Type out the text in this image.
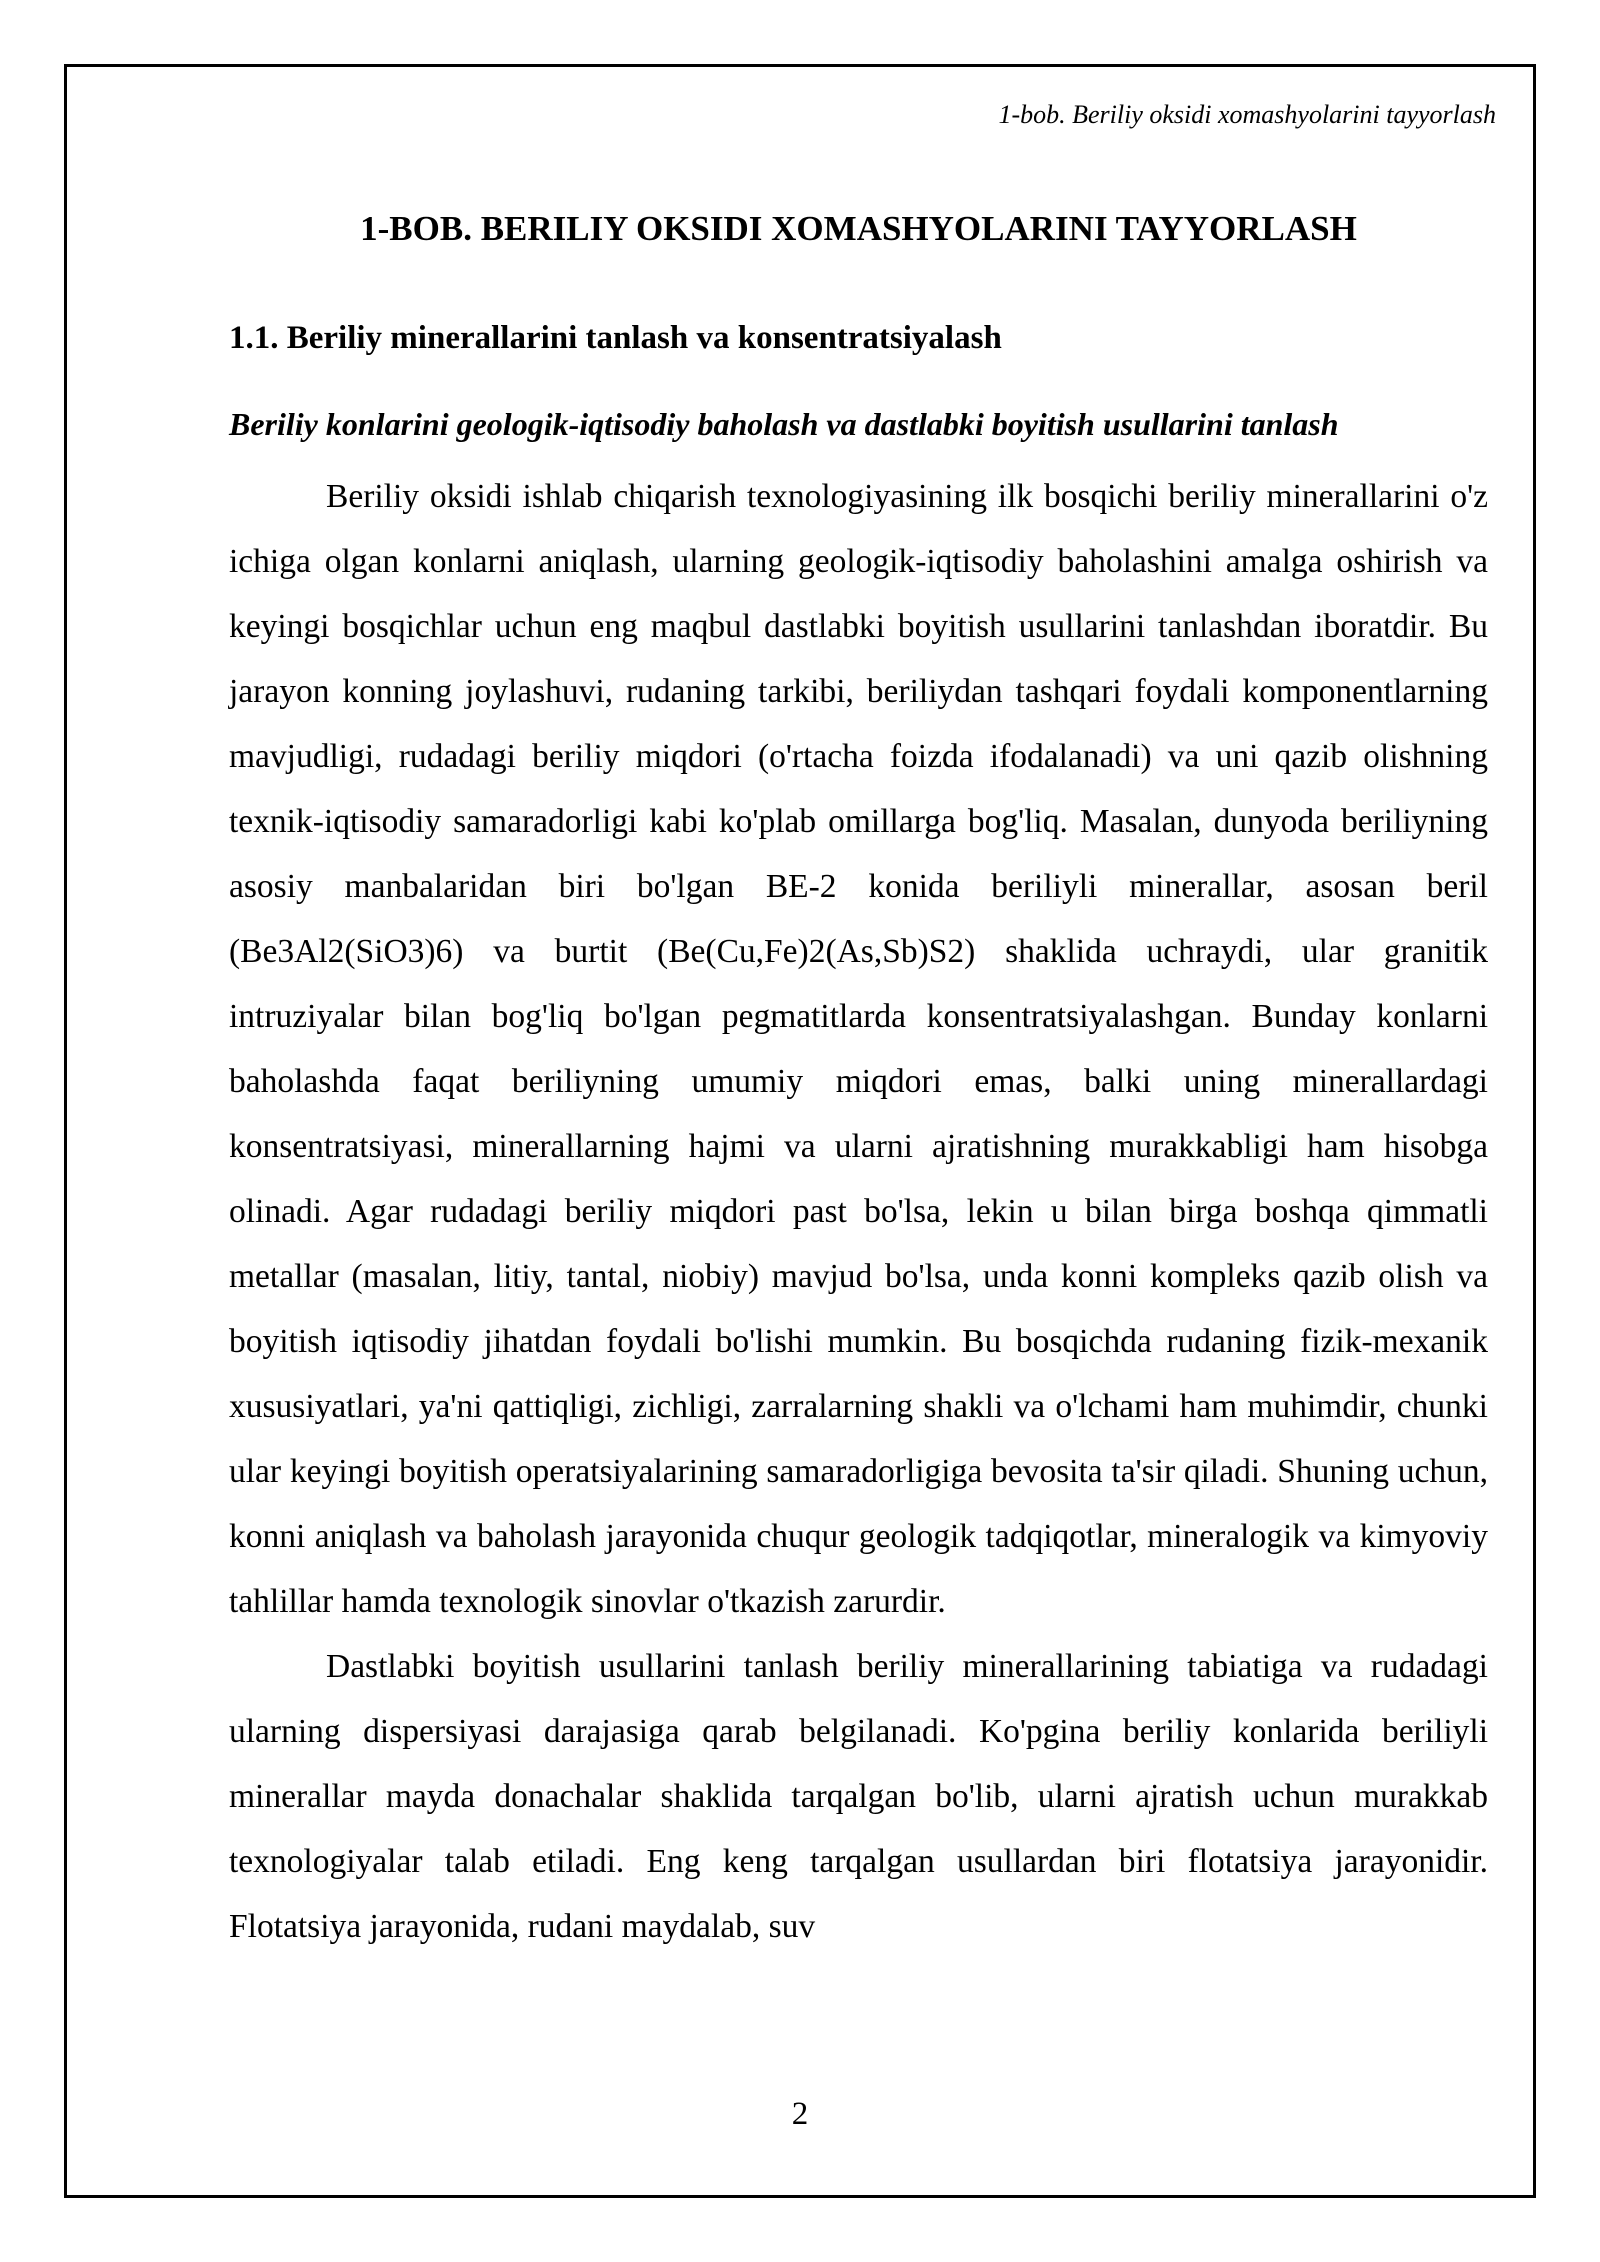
1-bob. Beriliy oksidi xomashyolarini tayyorlash
1-BOB. BERILIY OKSIDI XOMASHYOLARINI TAYYORLASH
1.1. Beriliy minerallarini tanlash va konsentratsiyalash
Beriliy konlarini geologik-iqtisodiy baholash va dastlabki boyitish usullarini tanlash

Beriliy oksidi ishlab chiqarish texnologiyasining ilk bosqichi beriliy minerallarini o'z ichiga olgan konlarni aniqlash, ularning geologik-iqtisodiy baholashini amalga oshirish va keyingi bosqichlar uchun eng maqbul dastlabki boyitish usullarini tanlashdan iboratdir. Bu jarayon konning joylashuvi, rudaning tarkibi, beriliydan tashqari foydali komponentlarning mavjudligi, rudadagi beriliy miqdori (o'rtacha foizda ifodalanadi) va uni qazib olishning texnik-iqtisodiy samaradorligi kabi ko'plab omillarga bog'liq. Masalan, dunyoda beriliyning asosiy manbalaridan biri bo'lgan BE-2 konida beriliyli minerallar, asosan beril (Be3Al2(SiO3)6) va burtit (Be(Cu,Fe)2(As,Sb)S2) shaklida uchraydi, ular granitik intruziyalar bilan bog'liq bo'lgan pegmatitlarda konsentratsiyalashgan. Bunday konlarni baholashda faqat beriliyning umumiy miqdori emas, balki uning minerallardagi konsentratsiyasi, minerallarning hajmi va ularni ajratishning murakkabligi ham hisobga olinadi. Agar rudadagi beriliy miqdori past bo'lsa, lekin u bilan birga boshqa qimmatli metallar (masalan, litiy, tantal, niobiy) mavjud bo'lsa, unda konni kompleks qazib olish va boyitish iqtisodiy jihatdan foydali bo'lishi mumkin. Bu bosqichda rudaning fizik-mexanik xususiyatlari, ya'ni qattiqligi, zichligi, zarralarning shakli va o'lchami ham muhimdir, chunki ular keyingi boyitish operatsiyalarining samaradorligiga bevosita ta'sir qiladi. Shuning uchun, konni aniqlash va baholash jarayonida chuqur geologik tadqiqotlar, mineralogik va kimyoviy tahlillar hamda texnologik sinovlar o'tkazish zarurdir.

Dastlabki boyitish usullarini tanlash beriliy minerallarining tabiatiga va rudadagi ularning dispersiyasi darajasiga qarab belgilanadi. Ko'pgina beriliy konlarida beriliyli minerallar mayda donachalar shaklida tarqalgan bo'lib, ularni ajratish uchun murakkab texnologiyalar talab etiladi. Eng keng tarqalgan usullardan biri flotatsiya jarayonidir. Flotatsiya jarayonida, rudani maydalab, suv

2
